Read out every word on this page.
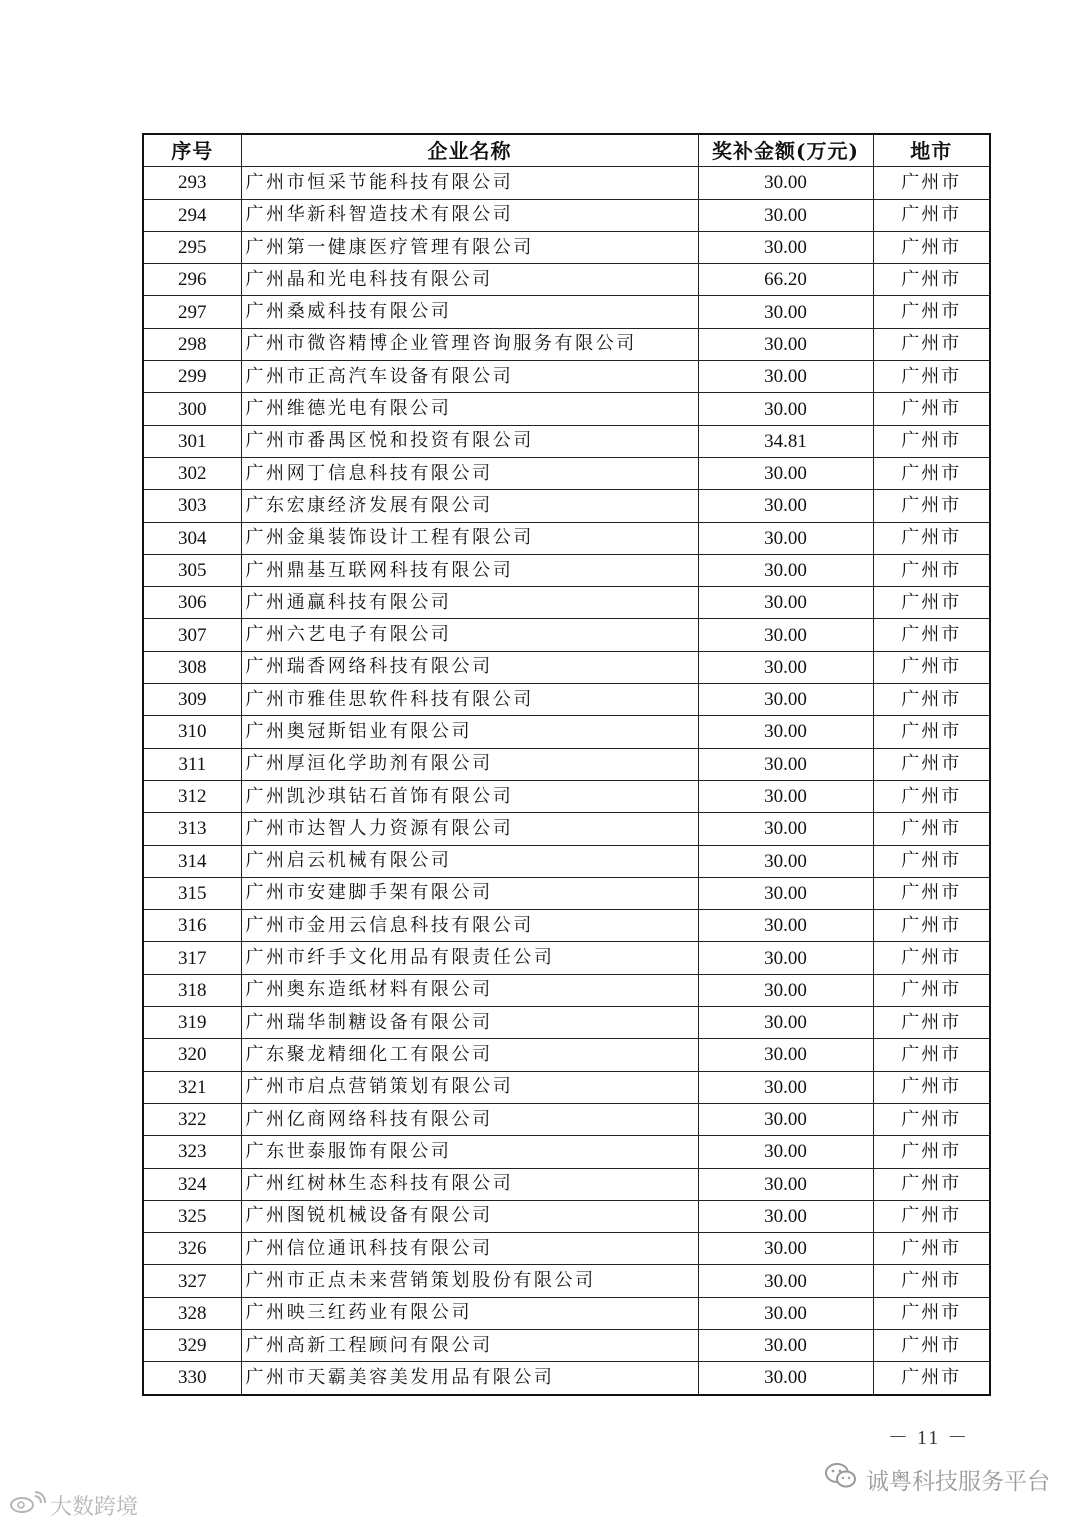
序号	企业名称	奖补金额(万元)	地市
293	广州市恒采节能科技有限公司	30.00	广州市
294	广州华新科智造技术有限公司	30.00	广州市
295	广州第一健康医疗管理有限公司	30.00	广州市
296	广州晶和光电科技有限公司	66.20	广州市
297	广州桑威科技有限公司	30.00	广州市
298	广州市微咨精博企业管理咨询服务有限公司	30.00	广州市
299	广州市正高汽车设备有限公司	30.00	广州市
300	广州维德光电有限公司	30.00	广州市
301	广州市番禺区悦和投资有限公司	34.81	广州市
302	广州网丁信息科技有限公司	30.00	广州市
303	广东宏康经济发展有限公司	30.00	广州市
304	广州金巢装饰设计工程有限公司	30.00	广州市
305	广州鼎基互联网科技有限公司	30.00	广州市
306	广州通赢科技有限公司	30.00	广州市
307	广州六艺电子有限公司	30.00	广州市
308	广州瑞香网络科技有限公司	30.00	广州市
309	广州市雅佳思软件科技有限公司	30.00	广州市
310	广州奥冠斯铝业有限公司	30.00	广州市
311	广州厚洹化学助剂有限公司	30.00	广州市
312	广州凯沙琪钻石首饰有限公司	30.00	广州市
313	广州市达智人力资源有限公司	30.00	广州市
314	广州启云机械有限公司	30.00	广州市
315	广州市安建脚手架有限公司	30.00	广州市
316	广州市金用云信息科技有限公司	30.00	广州市
317	广州市纤手文化用品有限责任公司	30.00	广州市
318	广州奥东造纸材料有限公司	30.00	广州市
319	广州瑞华制糖设备有限公司	30.00	广州市
320	广东聚龙精细化工有限公司	30.00	广州市
321	广州市启点营销策划有限公司	30.00	广州市
322	广州亿商网络科技有限公司	30.00	广州市
323	广东世泰服饰有限公司	30.00	广州市
324	广州红树林生态科技有限公司	30.00	广州市
325	广州图锐机械设备有限公司	30.00	广州市
326	广州信位通讯科技有限公司	30.00	广州市
327	广州市正点未来营销策划股份有限公司	30.00	广州市
328	广州映三红药业有限公司	30.00	广州市
329	广州高新工程顾问有限公司	30.00	广州市
330	广州市天霸美容美发用品有限公司	30.00	广州市
－ 11 －
诚粤科技服务平台
大数跨境
